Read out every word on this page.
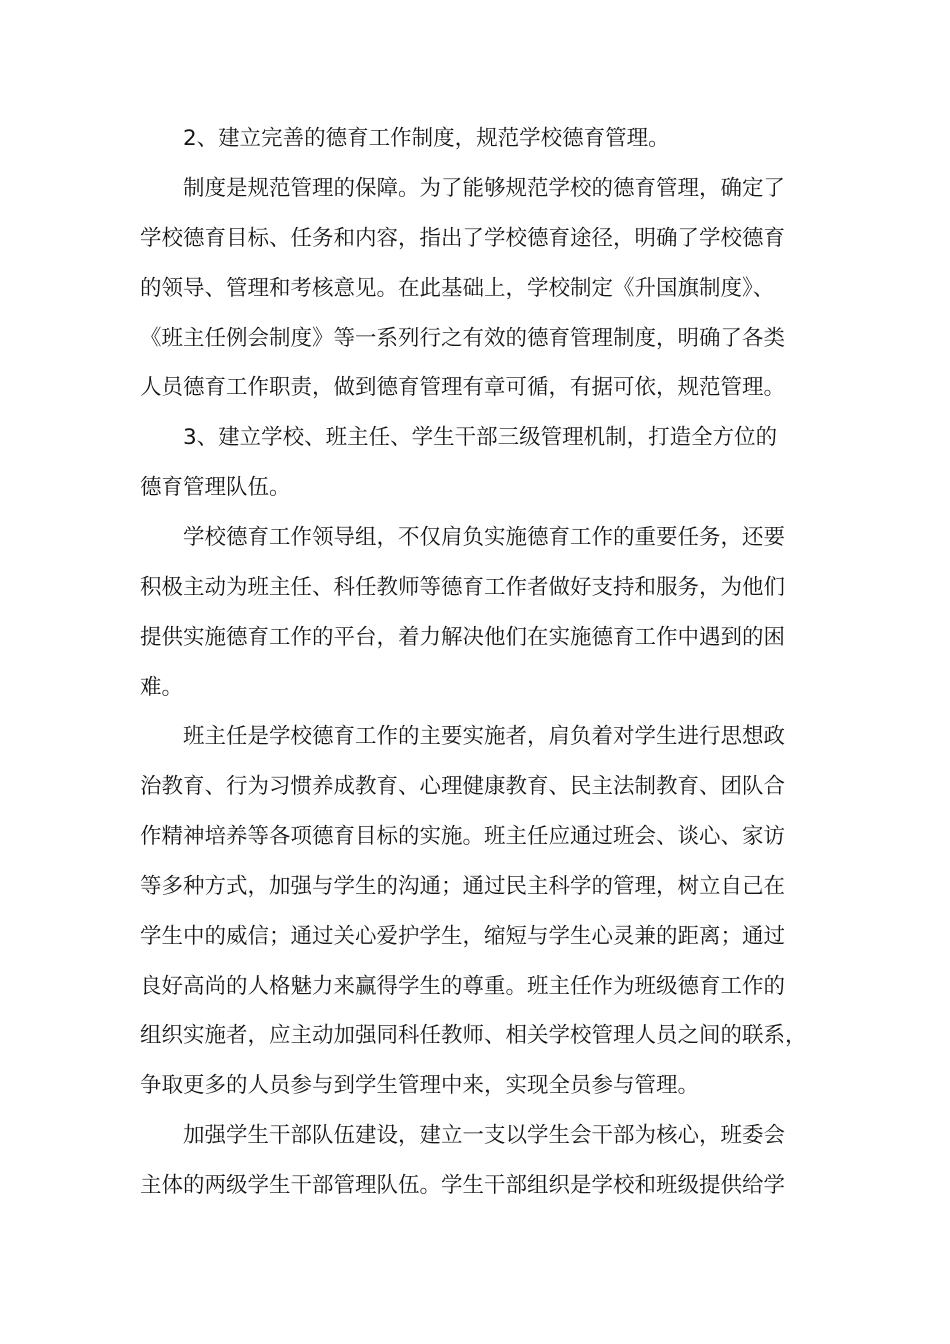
2、建立完善的德育工作制度，规范学校德育管理。
制度是规范管理的保障。为了能够规范学校的德育管理，确定了
学校德育目标、任务和内容，指出了学校德育途径，明确了学校德育
的领导、管理和考核意见。在此基础上，学校制定《升国旗制度》、
《班主任例会制度》等一系列行之有效的德育管理制度，明确了各类
人员德育工作职责，做到德育管理有章可循，有据可依，规范管理。
3、建立学校、班主任、学生干部三级管理机制，打造全方位的
德育管理队伍。
学校德育工作领导组，不仅肩负实施德育工作的重要任务，还要
积极主动为班主任、科任教师等德育工作者做好支持和服务，为他们
提供实施德育工作的平台，着力解决他们在实施德育工作中遇到的困
难。
班主任是学校德育工作的主要实施者，肩负着对学生进行思想政
治教育、行为习惯养成教育、心理健康教育、民主法制教育、团队合
作精神培养等各项德育目标的实施。班主任应通过班会、谈心、家访
等多种方式，加强与学生的沟通；通过民主科学的管理，树立自己在
学生中的威信；通过关心爱护学生，缩短与学生心灵兼的距离；通过
良好高尚的人格魅力来赢得学生的尊重。班主任作为班级德育工作的
组织实施者，应主动加强同科任教师、相关学校管理人员之间的联系，
争取更多的人员参与到学生管理中来，实现全员参与管理。
加强学生干部队伍建设，建立一支以学生会干部为核心，班委会
主体的两级学生干部管理队伍。学生干部组织是学校和班级提供给学
